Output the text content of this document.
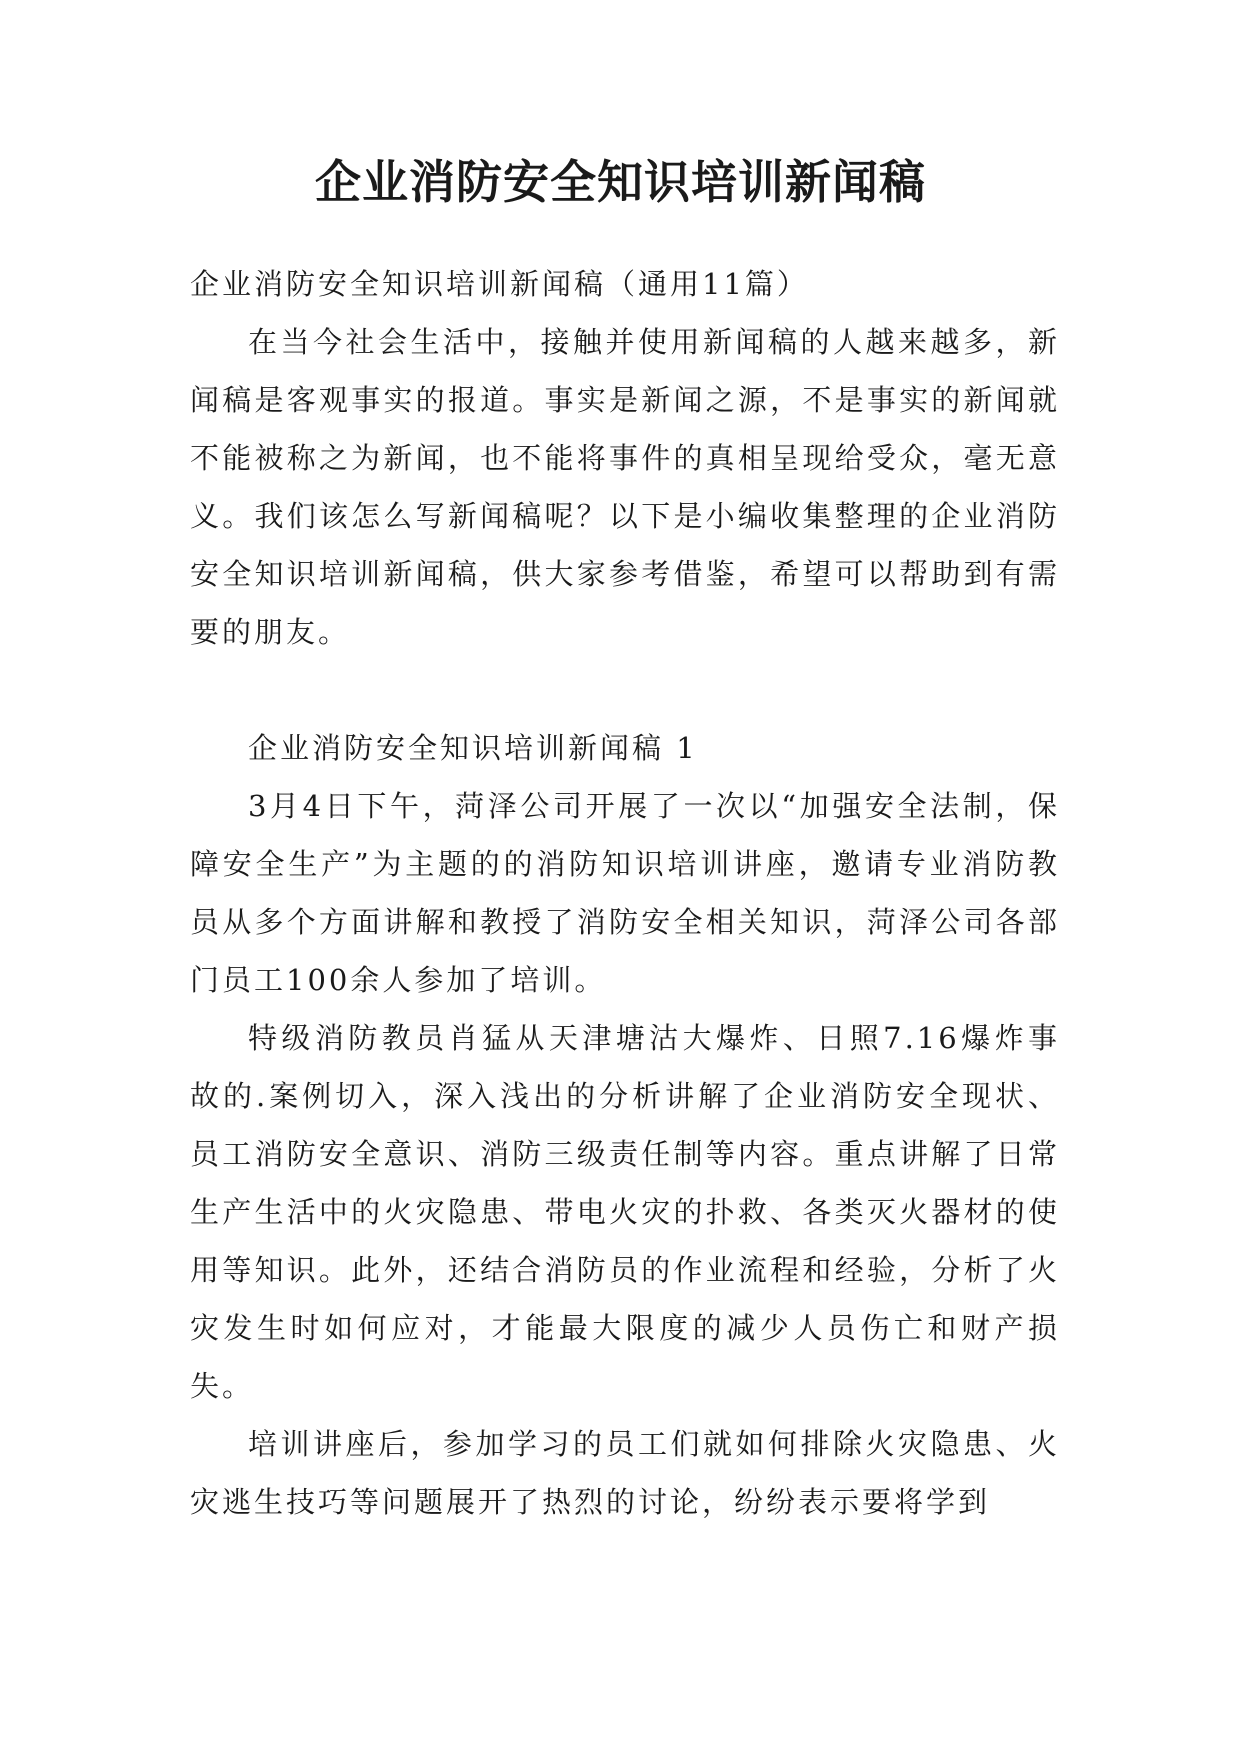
企业消防安全知识培训新闻稿

企业消防安全知识培训新闻稿（通用11篇）

在当今社会生活中，接触并使用新闻稿的人越来越多，新闻稿是客观事实的报道。事实是新闻之源，不是事实的新闻就不能被称之为新闻，也不能将事件的真相呈现给受众，毫无意义。我们该怎么写新闻稿呢？以下是小编收集整理的企业消防安全知识培训新闻稿，供大家参考借鉴，希望可以帮助到有需要的朋友。

企业消防安全知识培训新闻稿 1

3月4日下午，菏泽公司开展了一次以“加强安全法制，保障安全生产”为主题的的消防知识培训讲座，邀请专业消防教员从多个方面讲解和教授了消防安全相关知识，菏泽公司各部门员工100余人参加了培训。

特级消防教员肖猛从天津塘沽大爆炸、日照7.16爆炸事故的.案例切入，深入浅出的分析讲解了企业消防安全现状、员工消防安全意识、消防三级责任制等内容。重点讲解了日常生产生活中的火灾隐患、带电火灾的扑救、各类灭火器材的使用等知识。此外，还结合消防员的作业流程和经验，分析了火灾发生时如何应对，才能最大限度的减少人员伤亡和财产损失。

培训讲座后，参加学习的员工们就如何排除火灾隐患、火灾逃生技巧等问题展开了热烈的讨论，纷纷表示要将学到
